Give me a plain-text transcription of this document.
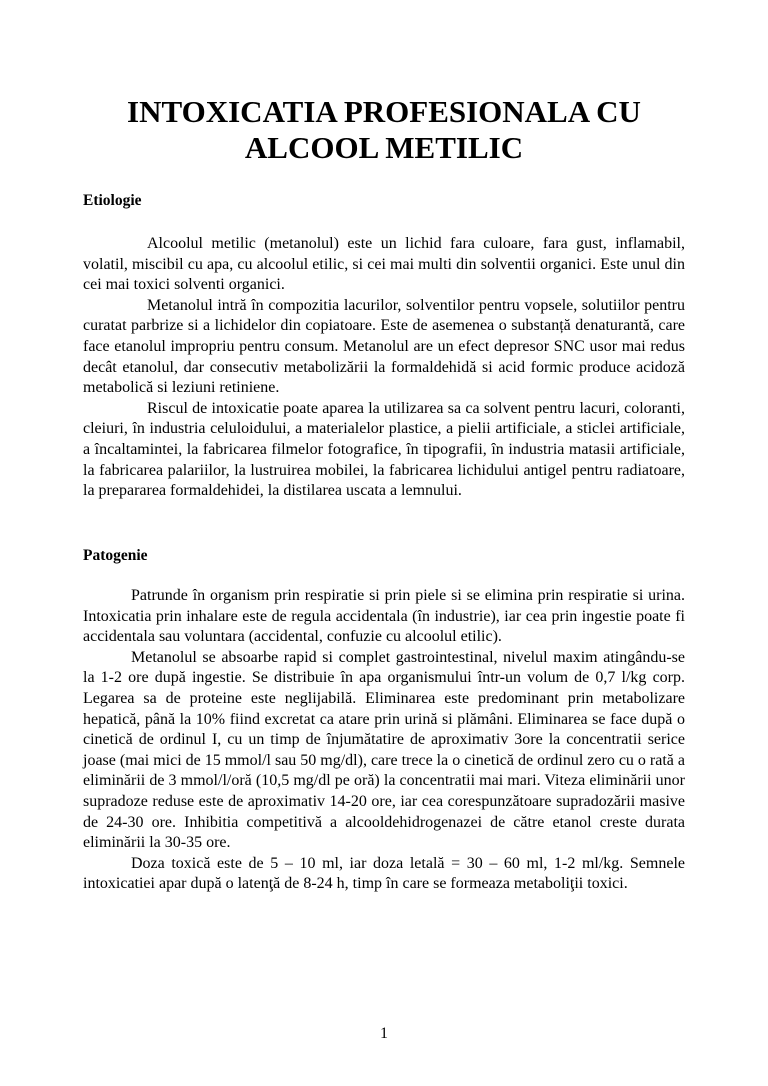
INTOXICATIA PROFESIONALA CU
ALCOOL METILIC
Etiologie

Alcoolul metilic (metanolul) este un lichid fara culoare, fara gust, inflamabil, volatil, miscibil cu apa, cu alcoolul etilic, si cei mai multi din solventii organici. Este unul din cei mai toxici solventi organici.

Metanolul intră în compozitia lacurilor, solventilor pentru vopsele, solutiilor pentru curatat parbrize si a lichidelor din copiatoare. Este de asemenea o substanță denaturantă, care face etanolul impropriu pentru consum. Metanolul are un efect depresor SNC usor mai redus decât etanolul, dar consecutiv metabolizării la formaldehidă si acid formic produce acidoză metabolică si leziuni retiniene.

Riscul de intoxicatie poate aparea la utilizarea sa ca solvent pentru lacuri, coloranti, cleiuri, în industria celuloidului, a materialelor plastice, a pielii artificiale, a sticlei artificiale, a încaltamintei, la fabricarea filmelor fotografice, în tipografii, în industria matasii artificiale, la fabricarea palariilor, la lustruirea mobilei, la fabricarea lichidului antigel pentru radiatoare, la prepararea formaldehidei, la distilarea uscata a lemnului.

Patogenie

Patrunde în organism prin respiratie si prin piele si se elimina prin respiratie si urina. Intoxicatia prin inhalare este de regula accidentala (în industrie), iar cea prin ingestie poate fi accidentala sau voluntara (accidental, confuzie cu alcoolul etilic).

Metanolul se absoarbe rapid si complet gastrointestinal, nivelul maxim atingându-se la 1-2 ore după ingestie. Se distribuie în apa organismului într-un volum de 0,7 l/kg corp. Legarea sa de proteine este neglijabilă. Eliminarea este predominant prin metabolizare hepatică, până la 10% fiind excretat ca atare prin urină si plămâni. Eliminarea se face după o cinetică de ordinul I, cu un timp de înjumătatire de aproximativ 3ore la concentratii serice joase (mai mici de 15 mmol/l sau 50 mg/dl), care trece la o cinetică de ordinul zero cu o rată a eliminării de 3 mmol/l/oră (10,5 mg/dl pe oră) la concentratii mai mari. Viteza eliminării unor supradoze reduse este de aproximativ 14-20 ore, iar cea corespunzătoare supradozării masive de 24-30 ore. Inhibitia competitivă a alcooldehidrogenazei de către etanol creste durata eliminării la 30-35 ore.

Doza toxică este de 5 – 10 ml, iar doza letală = 30 – 60 ml, 1-2 ml/kg. Semnele intoxicatiei apar după o latenţă de 8-24 h, timp în care se formeaza metaboliţii toxici.

1
